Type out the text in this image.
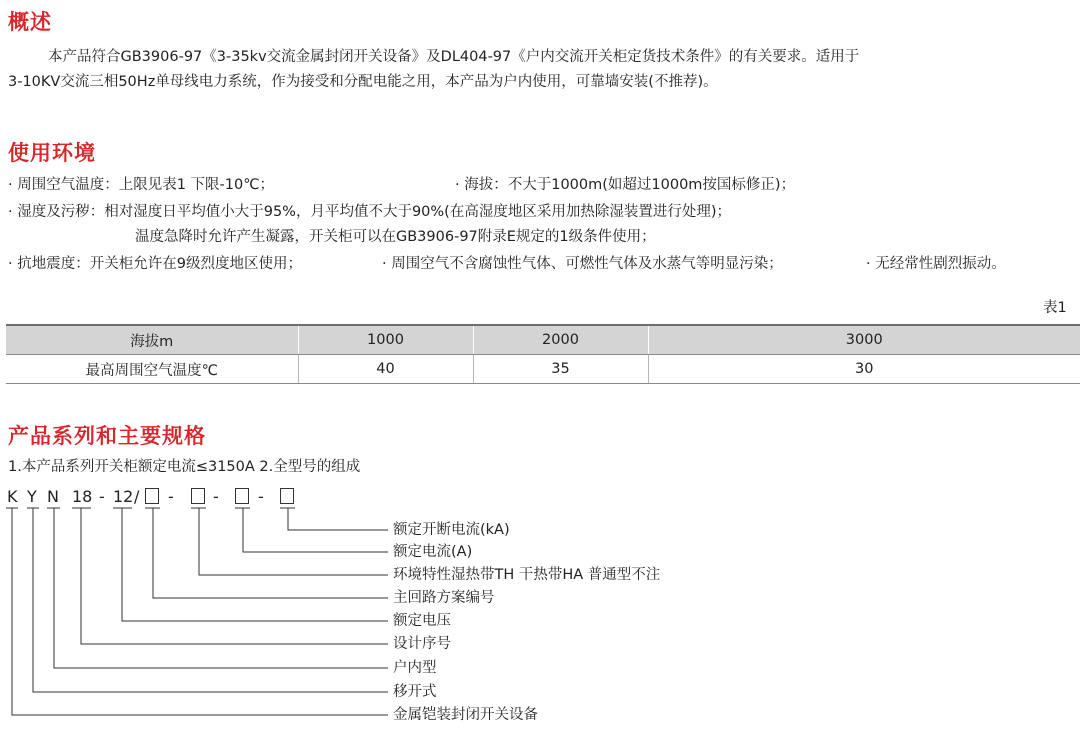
概述
本产品符合GB3906-97《3-35kv交流金属封闭开关设备》及DL404-97《户内交流开关柜定货技术条件》的有关要求。适用于
3-10KV交流三相50Hz单母线电力系统，作为接受和分配电能之用，本产品为户内使用，可靠墙安装(不推荐)。
使用环境
· 周围空气温度：上限见表1 下限-10℃；	· 海拔：不大于1000m(如超过1000m按国标修正)；
· 湿度及污秽：相对湿度日平均值小大于95%，月平均值不大于90%(在高湿度地区采用加热除湿装置进行处理)；
温度急降时允许产生凝露，开关柜可以在GB3906-97附录E规定的1级条件使用；
· 抗地震度：开关柜允许在9级烈度地区使用；	· 周围空气不含腐蚀性气体、可燃性气体及水蒸气等明显污染；	· 无经常性剧烈振动。
表1
海拔m	1000	2000	3000
最高周围空气温度℃	40	35	30
产品系列和主要规格
1.本产品系列开关柜额定电流≤3150A 2.全型号的组成
K Y N 18 - 12 / - - -
额定开断电流(kA)
额定电流(A)
环境特性湿热带TH 干热带HA 普通型不注
主回路方案编号
额定电压
设计序号
户内型
移开式
金属铠装封闭开关设备
